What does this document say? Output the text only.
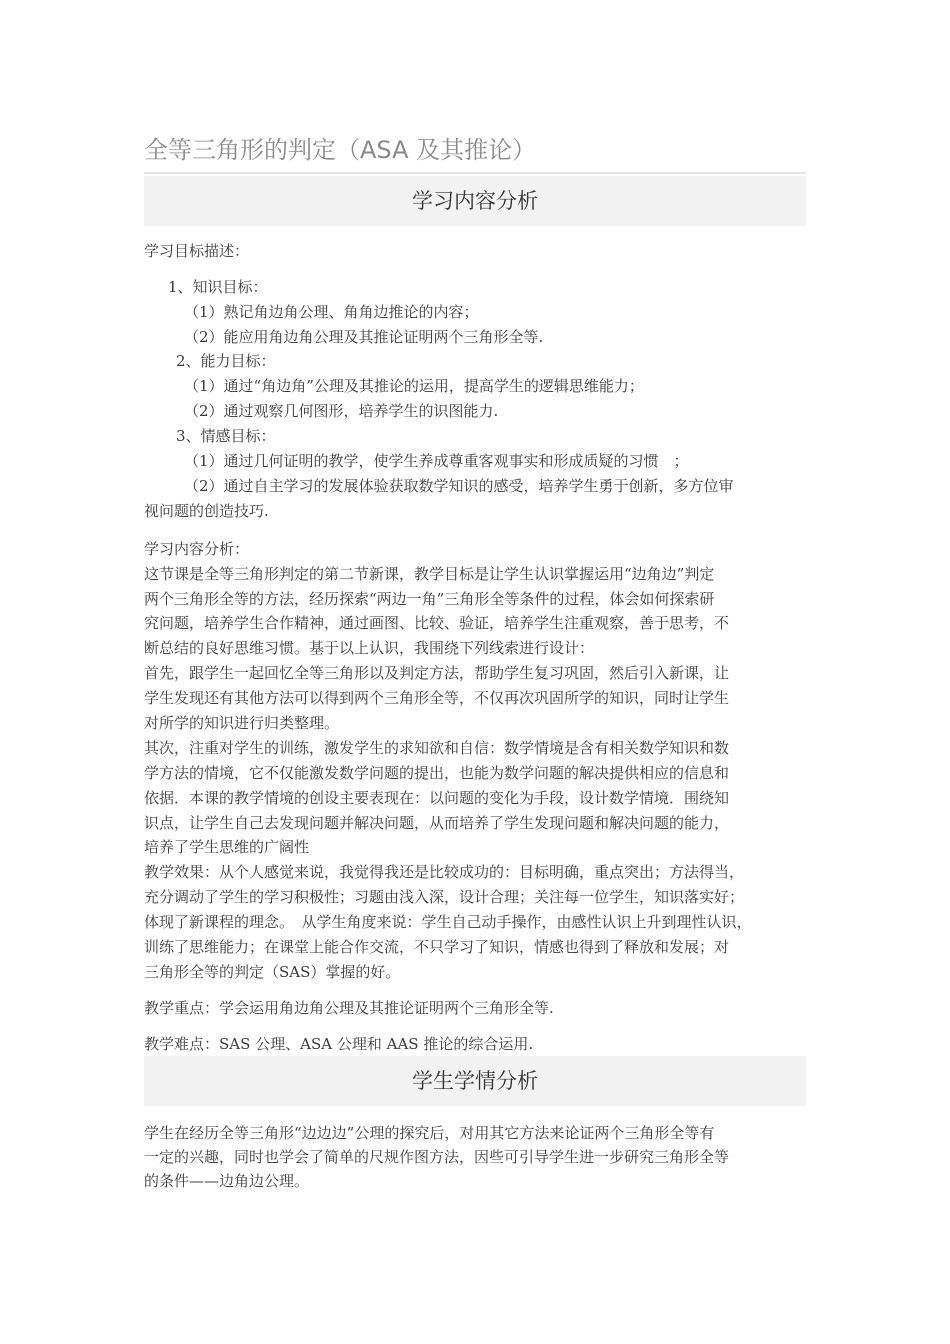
全等三角形的判定（ASA 及其推论）
学习内容分析
学习目标描述：
1、知识目标：
（1）熟记角边角公理、角角边推论的内容；
（2）能应用角边角公理及其推论证明两个三角形全等.
2、能力目标：
（1）通过“角边角”公理及其推论的运用，提高学生的逻辑思维能力；
（2）通过观察几何图形，培养学生的识图能力.
3、情感目标：
（1）通过几何证明的教学，使学生养成尊重客观事实和形成质疑的习惯　；
（2）通过自主学习的发展体验获取数学知识的感受，培养学生勇于创新，多方位审
视问题的创造技巧.
学习内容分析：
这节课是全等三角形判定的第二节新课，教学目标是让学生认识掌握运用“边角边”判定
两个三角形全等的方法，经历探索“两边一角”三角形全等条件的过程，体会如何探索研
究问题，培养学生合作精神，通过画图、比较、验证，培养学生注重观察，善于思考，不
断总结的良好思维习惯。基于以上认识，我围绕下列线索进行设计：
首先，跟学生一起回忆全等三角形以及判定方法，帮助学生复习巩固，然后引入新课，让
学生发现还有其他方法可以得到两个三角形全等，不仅再次巩固所学的知识，同时让学生
对所学的知识进行归类整理。
其次，注重对学生的训练，激发学生的求知欲和自信：数学情境是含有相关数学知识和数
学方法的情境，它不仅能激发数学问题的提出，也能为数学问题的解决提供相应的信息和
依据．本课的教学情境的创设主要表现在：以问题的变化为手段，设计数学情境．围绕知
识点，让学生自己去发现问题并解决问题，从而培养了学生发现问题和解决问题的能力，
培养了学生思维的广阔性
教学效果：从个人感觉来说，我觉得我还是比较成功的：目标明确，重点突出；方法得当，
充分调动了学生的学习积极性；习题由浅入深，设计合理；关注每一位学生，知识落实好；
体现了新课程的理念。　从学生角度来说：学生自己动手操作，由感性认识上升到理性认识，
训练了思维能力；在课堂上能合作交流，不只学习了知识，情感也得到了释放和发展；对
三角形全等的判定（SAS）掌握的好。
教学重点：学会运用角边角公理及其推论证明两个三角形全等.
教学难点：SAS 公理、ASA 公理和 AAS 推论的综合运用.
学生学情分析
学生在经历全等三角形“边边边”公理的探究后，对用其它方法来论证两个三角形全等有
一定的兴趣，同时也学会了简单的尺规作图方法，因些可引导学生进一步研究三角形全等
的条件——边角边公理。
